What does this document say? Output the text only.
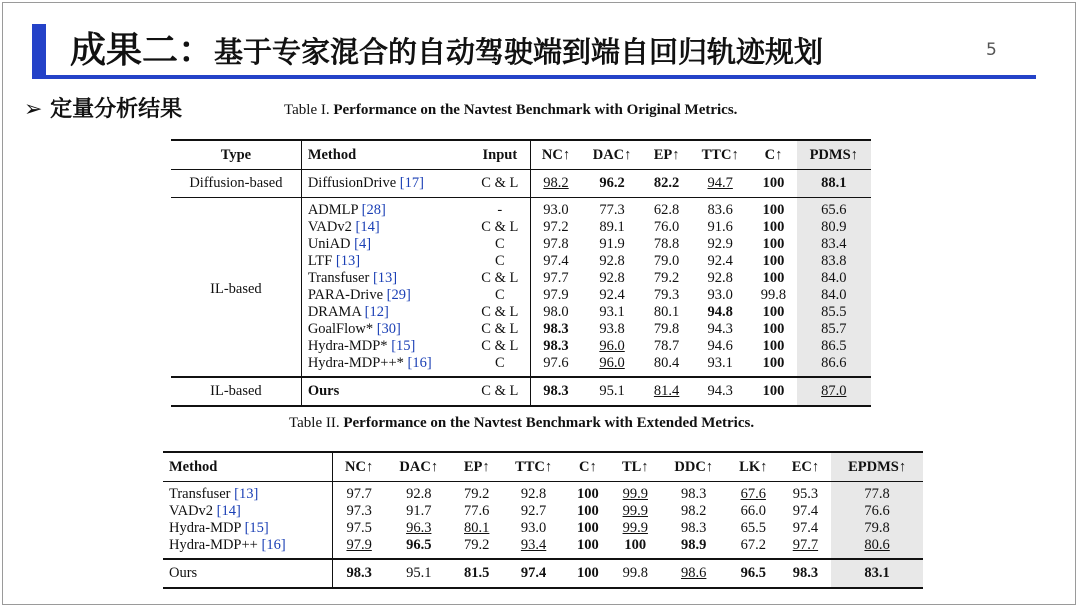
成果二：基于专家混合的自动驾驶端到端自回归轨迹规划	5
➢ 定量分析结果	Table I. Performance on the Navtest Benchmark with Original Metrics.
Type	Method	Input	NC↑	DAC↑	EP↑	TTC↑	C↑	PDMS↑
Diffusion-based	DiffusionDrive [17]	C & L	98.2	96.2	82.2	94.7	100	88.1
IL-based	ADMLP [28]	-	93.0	77.3	62.8	83.6	100	65.6
	VADv2 [14]	C & L	97.2	89.1	76.0	91.6	100	80.9
	UniAD [4]	C	97.8	91.9	78.8	92.9	100	83.4
	LTF [13]	C	97.4	92.8	79.0	92.4	100	83.8
	Transfuser [13]	C & L	97.7	92.8	79.2	92.8	100	84.0
	PARA-Drive [29]	C	97.9	92.4	79.3	93.0	99.8	84.0
	DRAMA [12]	C & L	98.0	93.1	80.1	94.8	100	85.5
	GoalFlow* [30]	C & L	98.3	93.8	79.8	94.3	100	85.7
	Hydra-MDP* [15]	C & L	98.3	96.0	78.7	94.6	100	86.5
	Hydra-MDP++* [16]	C	97.6	96.0	80.4	93.1	100	86.6
IL-based	Ours	C & L	98.3	95.1	81.4	94.3	100	87.0
Table II. Performance on the Navtest Benchmark with Extended Metrics.
Method	NC↑	DAC↑	EP↑	TTC↑	C↑	TL↑	DDC↑	LK↑	EC↑	EPDMS↑
Transfuser [13]	97.7	92.8	79.2	92.8	100	99.9	98.3	67.6	95.3	77.8
VADv2 [14]	97.3	91.7	77.6	92.7	100	99.9	98.2	66.0	97.4	76.6
Hydra-MDP [15]	97.5	96.3	80.1	93.0	100	99.9	98.3	65.5	97.4	79.8
Hydra-MDP++ [16]	97.9	96.5	79.2	93.4	100	100	98.9	67.2	97.7	80.6
Ours	98.3	95.1	81.5	97.4	100	99.8	98.6	96.5	98.3	83.1
